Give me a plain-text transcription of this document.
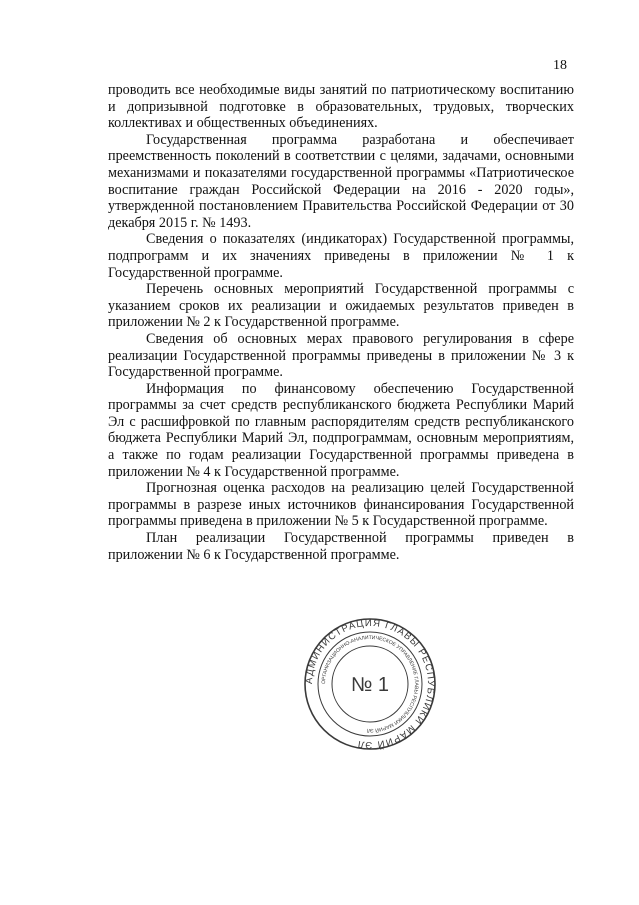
18

проводить все необходимые виды занятий по патриотическому воспитанию и допризывной подготовке в образовательных, трудовых, творческих коллективах и общественных объединениях.

Государственная программа разработана и обеспечивает преемственность поколений в соответствии с целями, задачами, основными механизмами и показателями государственной программы «Патриотическое воспитание граждан Российской Федерации на 2016 - 2020 годы», утвержденной постановлением Правительства Российской Федерации от 30 декабря 2015 г. № 1493.

Сведения о показателях (индикаторах) Государственной программы, подпрограмм и их значениях приведены в приложении № 1 к Государственной программе.

Перечень основных мероприятий Государственной программы с указанием сроков их реализации и ожидаемых результатов приведен в приложении № 2 к Государственной программе.

Сведения об основных мерах правового регулирования в сфере реализации Государственной программы приведены в приложении № 3 к Государственной программе.

Информация по финансовому обеспечению Государственной программы за счет средств республиканского бюджета Республики Марий Эл с расшифровкой по главным распорядителям средств республиканского бюджета Республики Марий Эл, подпрограммам, основным мероприятиям, а также по годам реализации Государственной программы приведена в приложении № 4 к Государственной программе.

Прогнозная оценка расходов на реализацию целей Государственной программы в разрезе иных источников финансирования Государственной программы приведена в приложении № 5 к Государственной программе.

План реализации Государственной программы приведен в приложении № 6 к Государственной программе.

АДМИНИСТРАЦИЯ ГЛАВЫ РЕСПУБЛИКИ МАРИЙ ЭЛ
ОРГАНИЗАЦИОННО-АНАЛИТИЧЕСКОЕ УПРАВЛЕНИЕ ГЛАВЫ РЕСПУБЛИКИ МАРИЙ ЭЛ
№ 1
